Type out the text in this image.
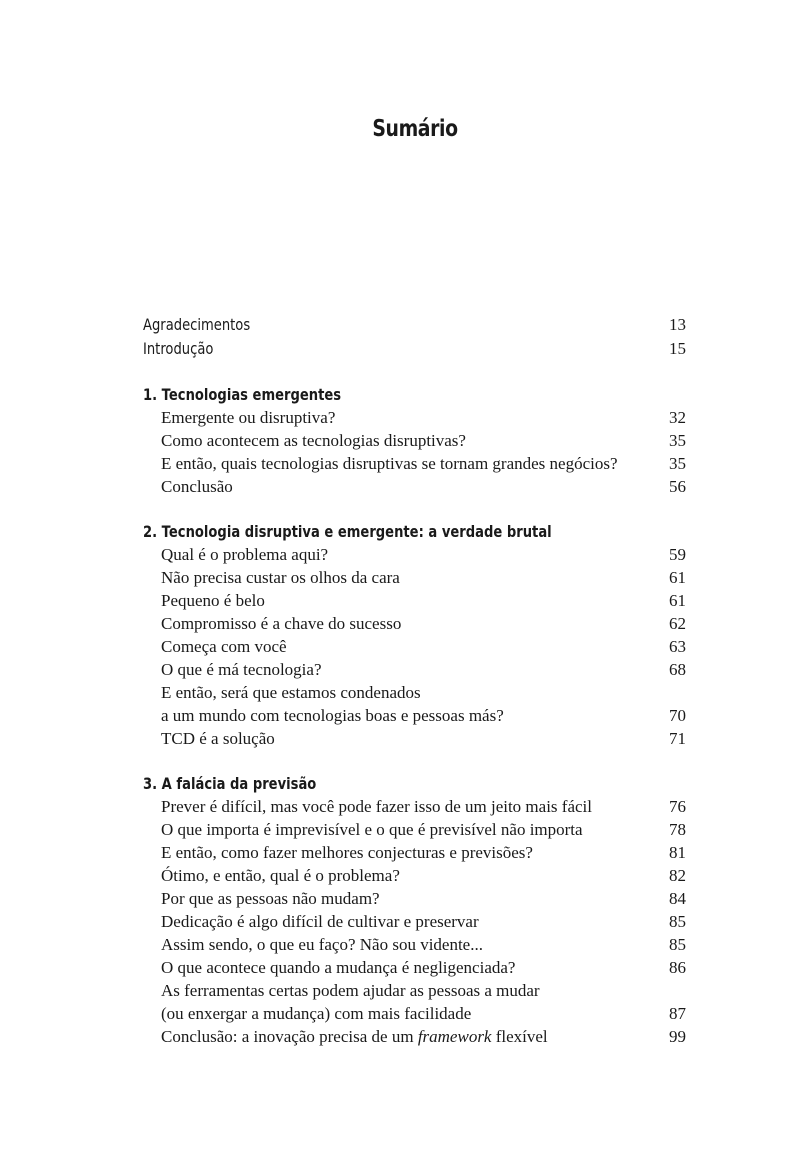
Sumário
Agradecimentos	13
Introdução	15
1. Tecnologias emergentes
Emergente ou disruptiva?	32
Como acontecem as tecnologias disruptivas?	35
E então, quais tecnologias disruptivas se tornam grandes negócios?	35
Conclusão	56
2. Tecnologia disruptiva e emergente: a verdade brutal
Qual é o problema aqui?	59
Não precisa custar os olhos da cara	61
Pequeno é belo	61
Compromisso é a chave do sucesso	62
Começa com você	63
O que é má tecnologia?	68
E então, será que estamos condenados
a um mundo com tecnologias boas e pessoas más?	70
TCD é a solução	71
3. A falácia da previsão
Prever é difícil, mas você pode fazer isso de um jeito mais fácil	76
O que importa é imprevisível e o que é previsível não importa	78
E então, como fazer melhores conjecturas e previsões?	81
Ótimo, e então, qual é o problema?	82
Por que as pessoas não mudam?	84
Dedicação é algo difícil de cultivar e preservar	85
Assim sendo, o que eu faço? Não sou vidente...	85
O que acontece quando a mudança é negligenciada?	86
As ferramentas certas podem ajudar as pessoas a mudar
(ou enxergar a mudança) com mais facilidade	87
Conclusão: a inovação precisa de um framework flexível	99
